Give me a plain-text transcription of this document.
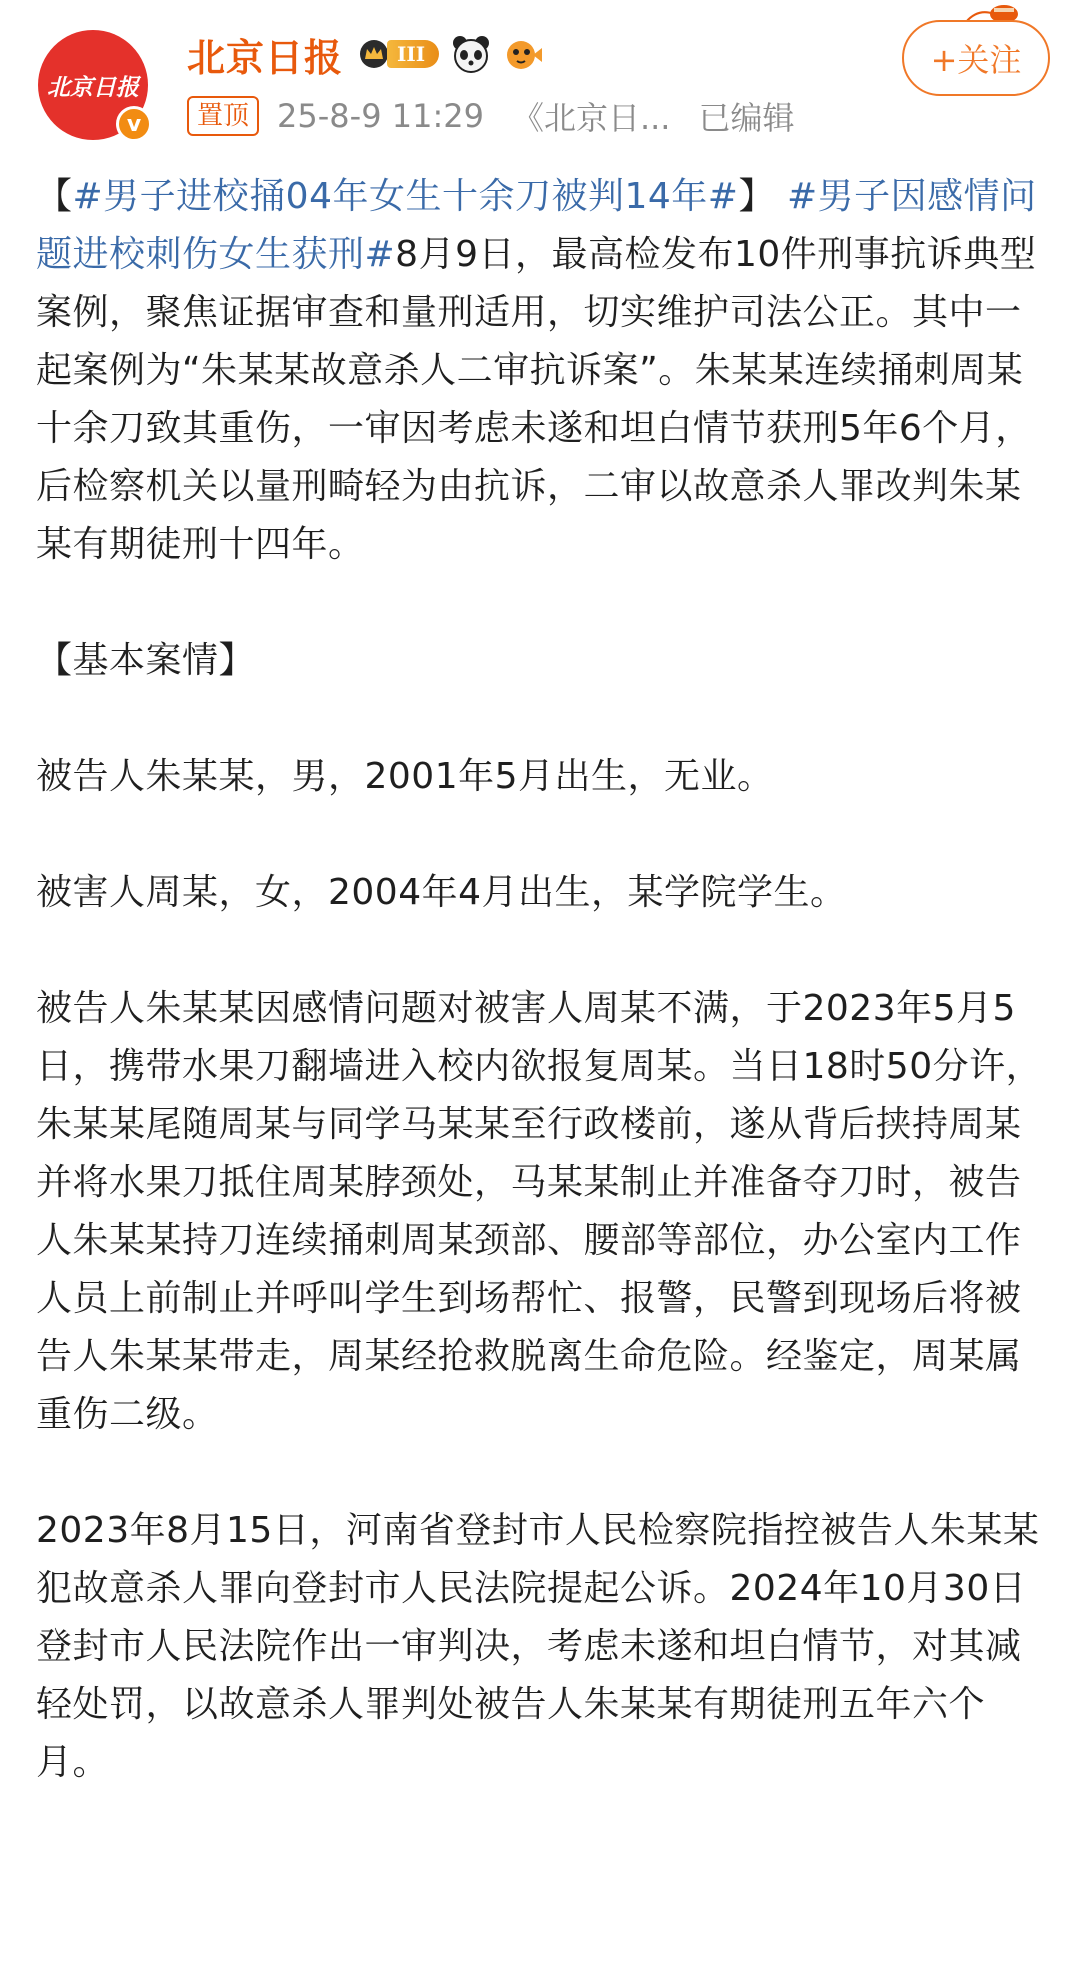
北京日报
v
北京日报	III
置顶 25-8-9 11:29 《北京日... 已编辑
+关注

【#男子进校捅04年女生十余刀被判14年#】 #男子因感情问题进校刺伤女生获刑#8月9日，最高检发布10件刑事抗诉典型案例，聚焦证据审查和量刑适用，切实维护司法公正。其中一起案例为“朱某某故意杀人二审抗诉案”。朱某某连续捅刺周某十余刀致其重伤，一审因考虑未遂和坦白情节获刑5年6个月，后检察机关以量刑畸轻为由抗诉，二审以故意杀人罪改判朱某某有期徒刑十四年。

【基本案情】

被告人朱某某，男，2001年5月出生，无业。

被害人周某，女，2004年4月出生，某学院学生。

被告人朱某某因感情问题对被害人周某不满，于2023年5月5日，携带水果刀翻墙进入校内欲报复周某。当日18时50分许，朱某某尾随周某与同学马某某至行政楼前，遂从背后挟持周某并将水果刀抵住周某脖颈处，马某某制止并准备夺刀时，被告人朱某某持刀连续捅刺周某颈部、腰部等部位，办公室内工作人员上前制止并呼叫学生到场帮忙、报警，民警到现场后将被告人朱某某带走，周某经抢救脱离生命危险。经鉴定，周某属重伤二级。

2023年8月15日，河南省登封市人民检察院指控被告人朱某某犯故意杀人罪向登封市人民法院提起公诉。2024年10月30日登封市人民法院作出一审判决，考虑未遂和坦白情节，对其减轻处罚，以故意杀人罪判处被告人朱某某有期徒刑五年六个月。
